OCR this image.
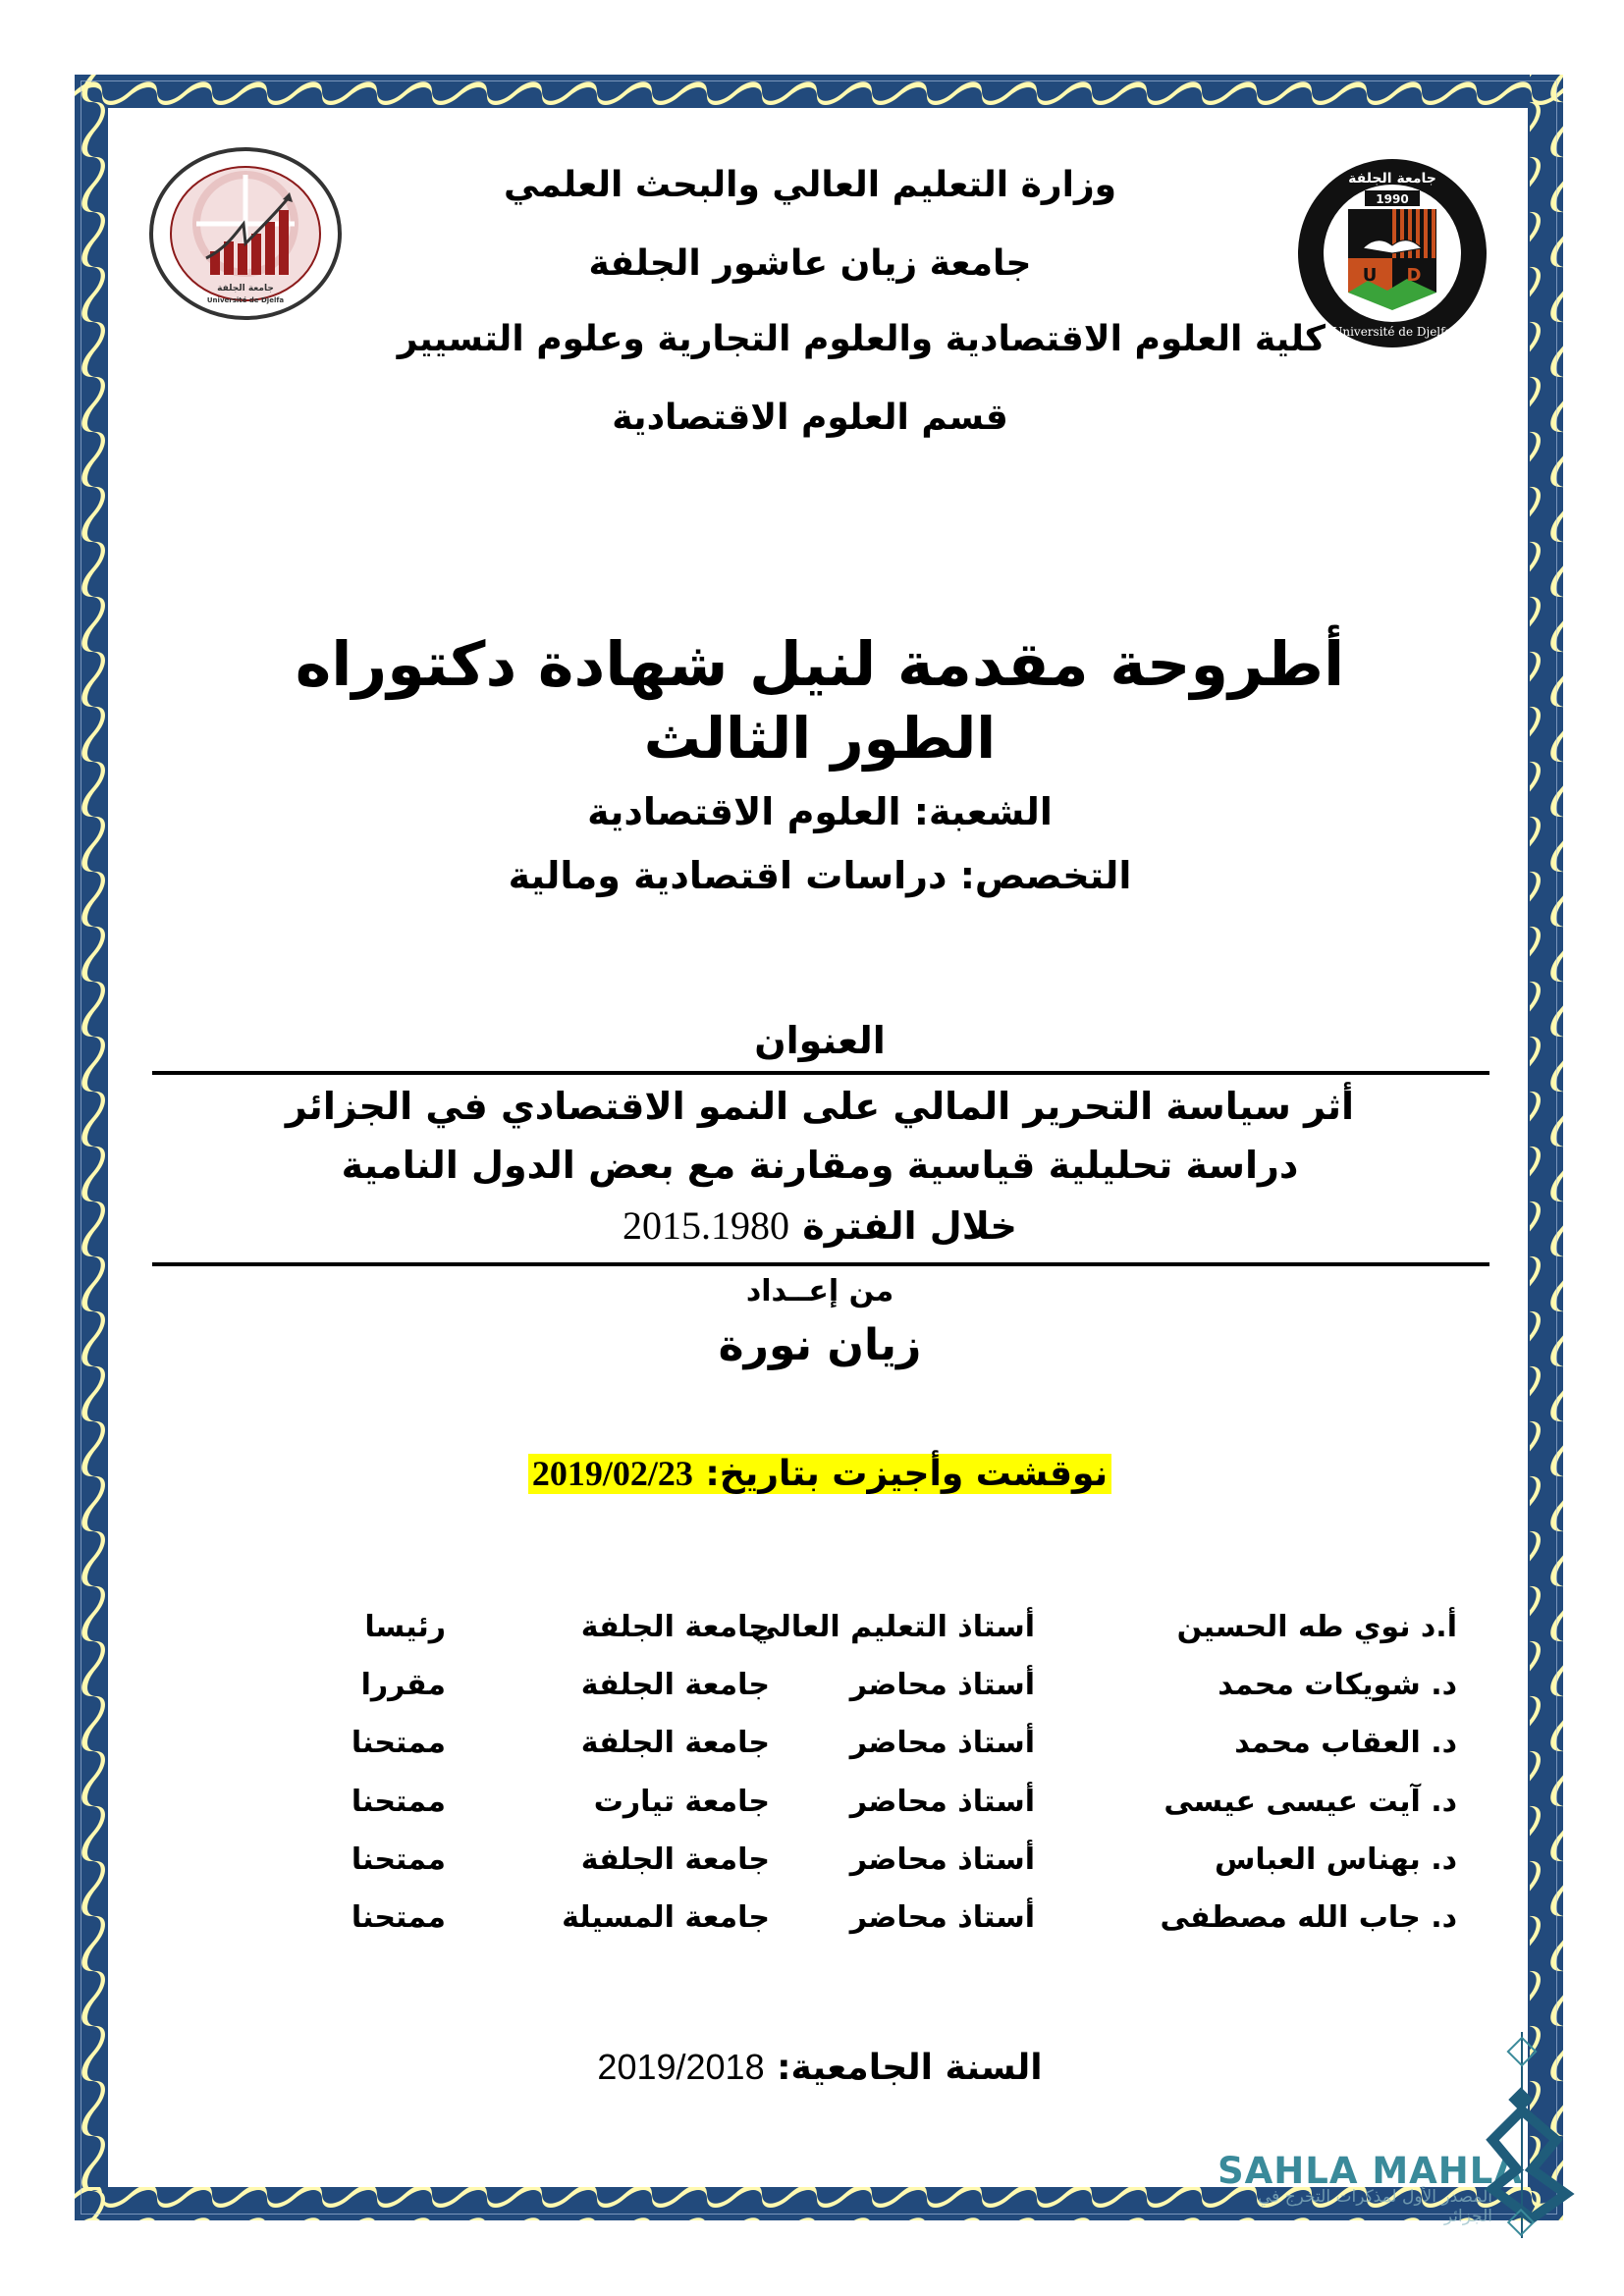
جامعة الجلفة
Université de Djelfa
جامعة الجلفة
1990
U D
Université de Djelfa
وزارة التعليم العالي والبحث العلمي
جامعة زيان عاشور الجلفة
كلية العلوم الاقتصادية والعلوم التجارية وعلوم التسيير
قسم العلوم الاقتصادية
أطروحة مقدمة لنيل شهادة دكتوراه
الطور الثالث
الشعبة: العلوم الاقتصادية
التخصص: دراسات اقتصادية ومالية
العنوان
أثر سياسة التحرير المالي على النمو الاقتصادي في الجزائر
دراسة تحليلية قياسية ومقارنة مع بعض الدول النامية
خلال الفترة 2015.1980
من إعــداد
زيان نورة
نوقشت وأجيزت بتاريخ: 2019/02/23
أ.د نوي طه الحسين
أستاذ التعليم العالي
جامعة الجلفة
رئيسا
د. شويكات محمد
أستاذ محاضر
جامعة الجلفة
مقررا
د. العقاب محمد
أستاذ محاضر
جامعة الجلفة
ممتحنا
د. آيت عيسى عيسى
أستاذ محاضر
جامعة تيارت
ممتحنا
د. بهناس العباس
أستاذ محاضر
جامعة الجلفة
ممتحنا
د. جاب الله مصطفى
أستاذ محاضر
جامعة المسيلة
ممتحنا
السنة الجامعية: 2019/2018
SAHLA MAHLA
المصدر الأول لمذكرات التخرج في الجزائر
